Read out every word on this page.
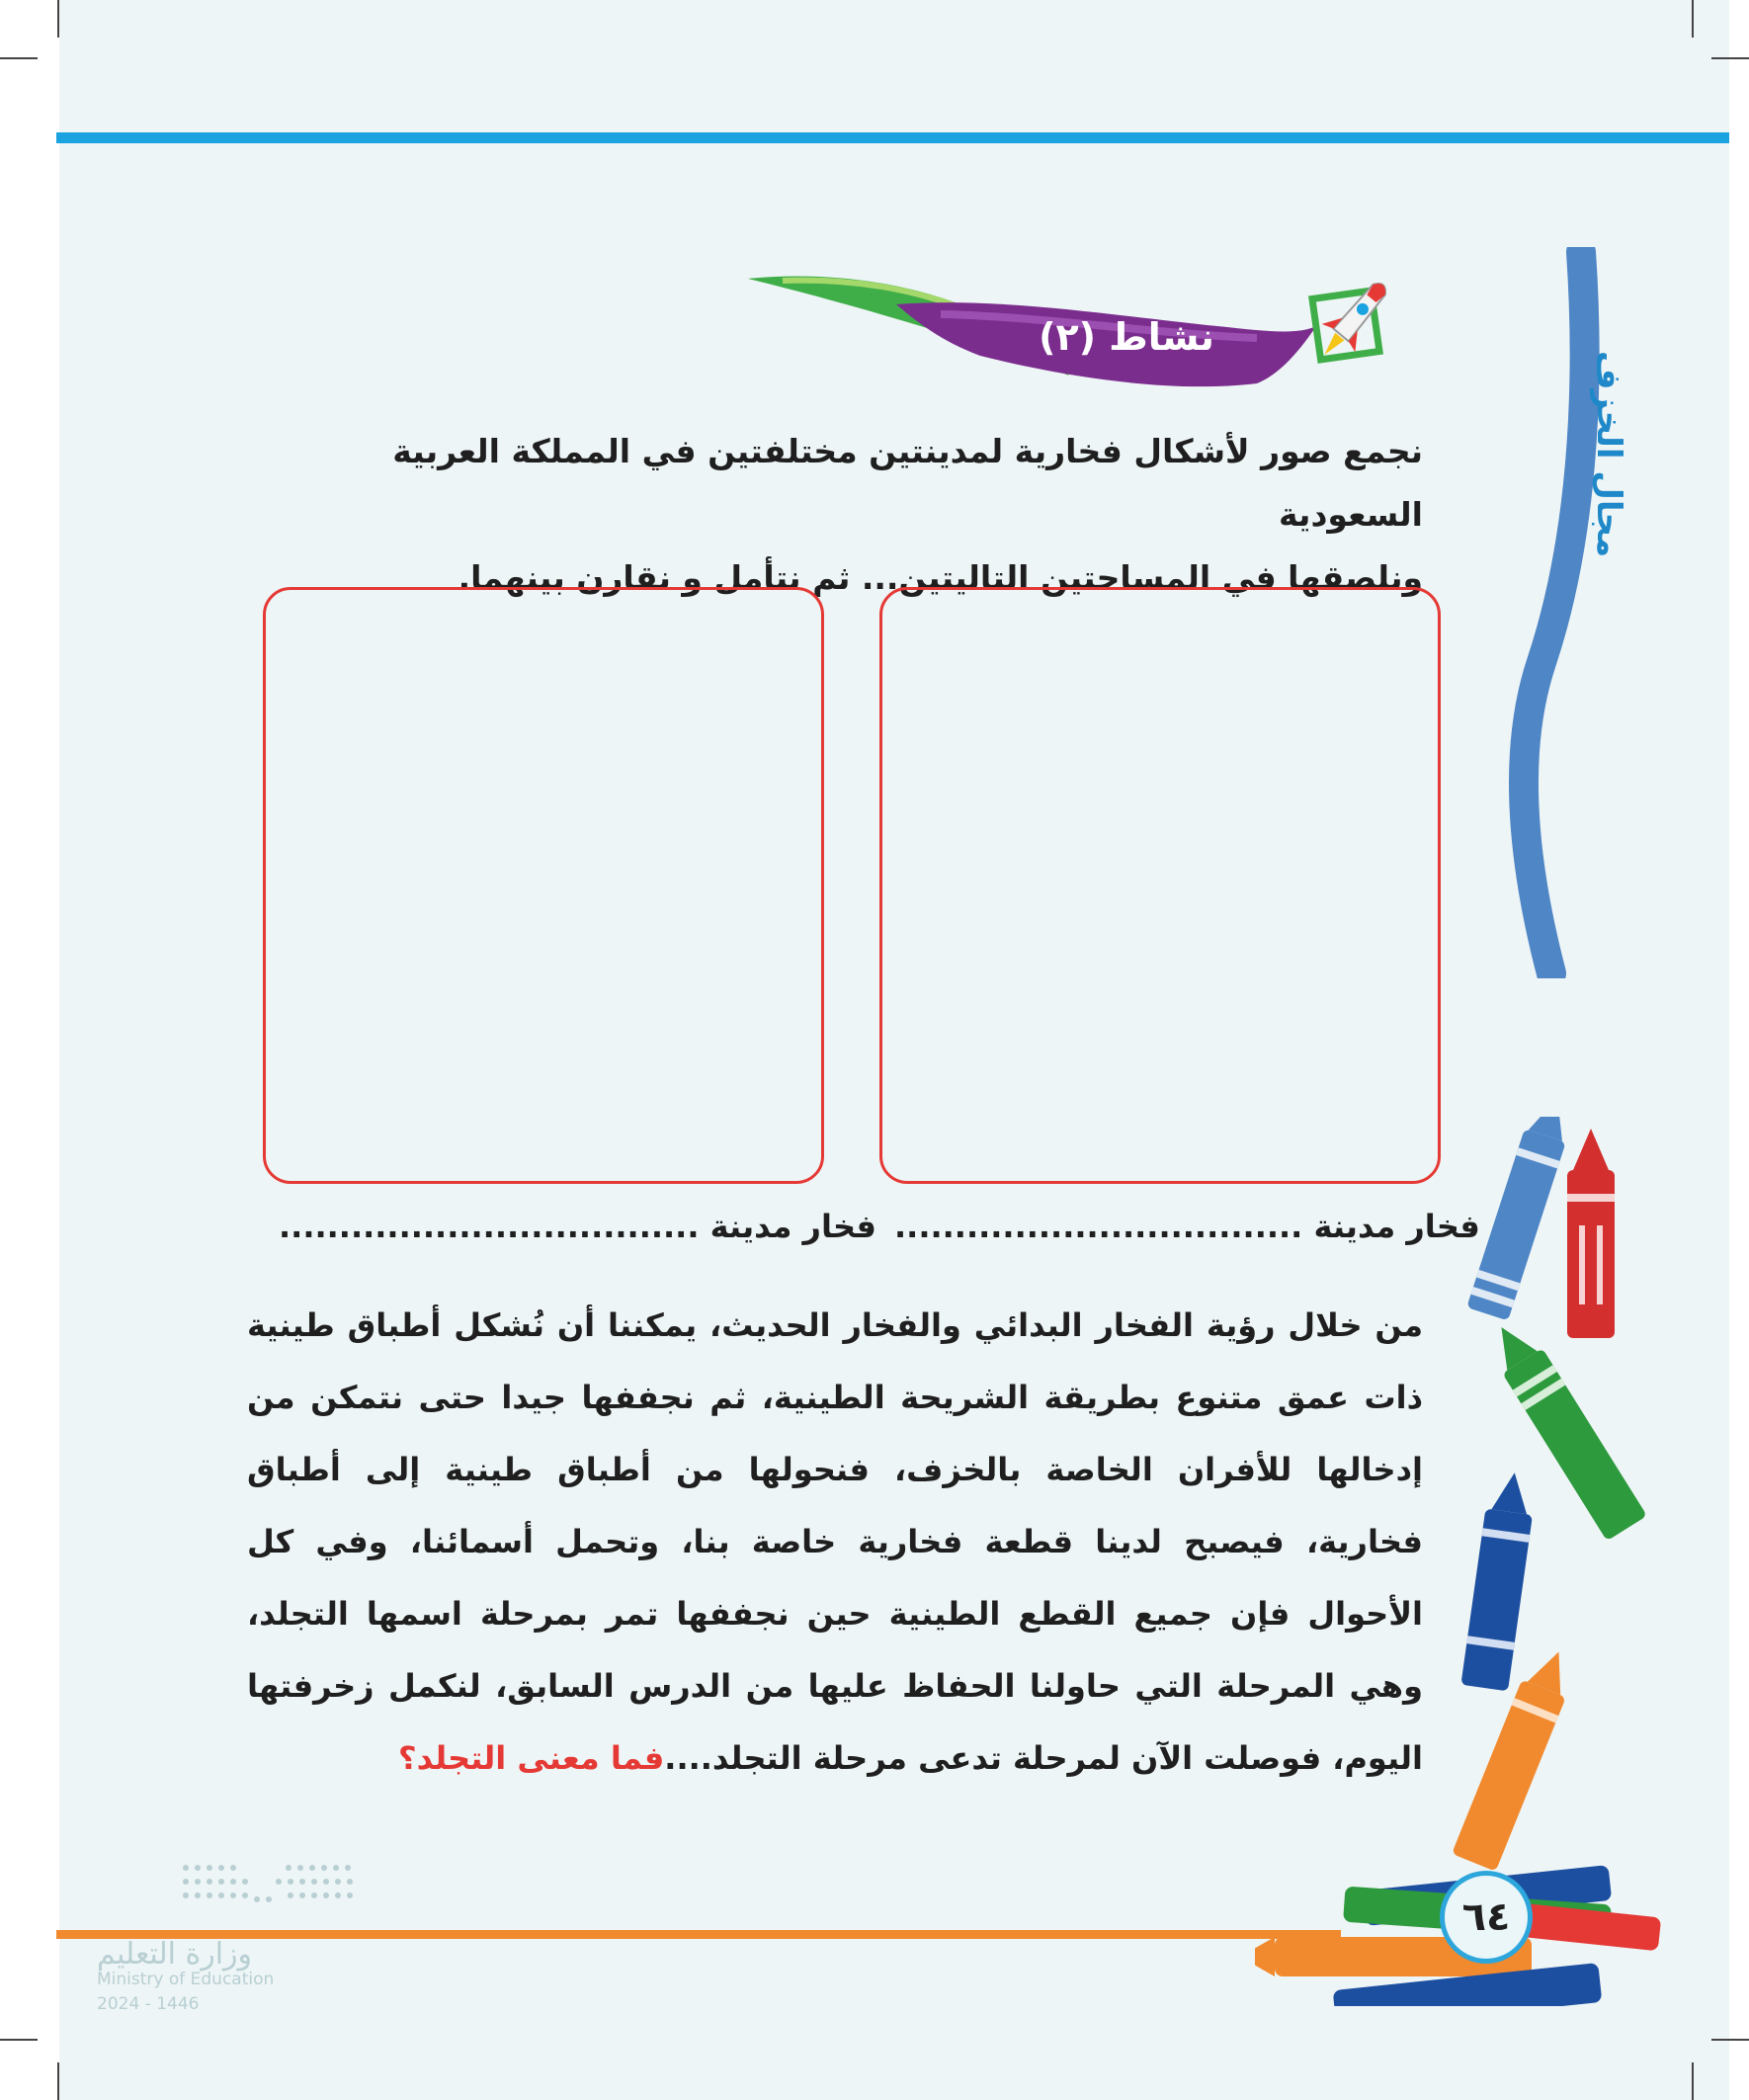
نشاط (٢)
مجال الخزف
نجمع صور لأشكال فخارية لمدينتين مختلفتين في المملكة العربية السعودية
ونلصقها في المساحتين التاليتين... ثم نتأمل و نقارن بينهما.
فخار مدينة ..................................
فخار مدينة ...................................
من خلال رؤية الفخار البدائي والفخار الحديث، يمكننا أن نُشكل أطباق طينية ذات عمق متنوع بطريقة الشريحة الطينية، ثم نجففها جيدا حتى نتمكن من إدخالها للأفران الخاصة بالخزف، فنحولها من أطباق طينية إلى أطباق فخارية، فيصبح لدينا قطعة فخارية خاصة بنا، وتحمل أسمائنا، وفي كل الأحوال فإن جميع القطع الطينية حين نجففها تمر بمرحلة اسمها التجلد، وهي المرحلة التي حاولنا الحفاظ عليها من الدرس السابق، لنكمل زخرفتها اليوم، فوصلت الآن لمرحلة تدعى مرحلة التجلد....فما معنى التجلد؟
٦٤
وزارة التعليم
Ministry of Education
2024 - 1446
